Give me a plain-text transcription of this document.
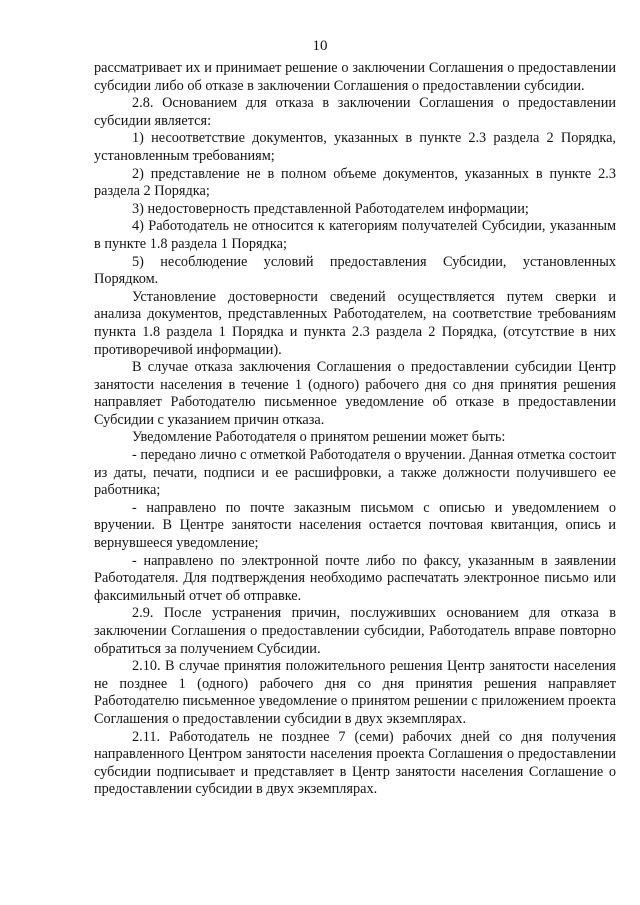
10

рассматривает их и принимает решение о заключении Соглашения о предоставлении субсидии либо об отказе в заключении Соглашения о предоставлении субсидии.

2.8. Основанием для отказа в заключении Соглашения о предоставлении субсидии является:

1) несоответствие документов, указанных в пункте 2.3 раздела 2 Порядка, установленным требованиям;

2) представление не в полном объеме документов, указанных в пункте 2.3 раздела 2 Порядка;

3) недостоверность представленной Работодателем информации;

4) Работодатель не относится к категориям получателей Субсидии, указанным в пункте 1.8 раздела 1 Порядка;

5) несоблюдение условий предоставления Субсидии, установленных Порядком.

Установление достоверности сведений осуществляется путем сверки и анализа документов, представленных Работодателем, на соответствие требованиям пункта 1.8 раздела 1 Порядка и пункта 2.3 раздела 2 Порядка, (отсутствие в них противоречивой информации).

В случае отказа заключения Соглашения о предоставлении субсидии Центр занятости населения в течение 1 (одного) рабочего дня со дня принятия решения направляет Работодателю письменное уведомление об отказе в предоставлении Субсидии с указанием причин отказа.

Уведомление Работодателя о принятом решении может быть:

- передано лично с отметкой Работодателя о вручении. Данная отметка состоит из даты, печати, подписи и ее расшифровки, а также должности получившего ее работника;

- направлено по почте заказным письмом с описью и уведомлением о вручении. В Центре занятости населения остается почтовая квитанция, опись и вернувшееся уведомление;

- направлено по электронной почте либо по факсу, указанным в заявлении Работодателя. Для подтверждения необходимо распечатать электронное письмо или факсимильный отчет об отправке.

2.9. После устранения причин, послуживших основанием для отказа в заключении Соглашения о предоставлении субсидии, Работодатель вправе повторно обратиться за получением Субсидии.

2.10. В случае принятия положительного решения Центр занятости населения не позднее 1 (одного) рабочего дня со дня принятия решения направляет Работодателю письменное уведомление о принятом решении с приложением проекта Соглашения о предоставлении субсидии в двух экземплярах.

2.11. Работодатель не позднее 7 (семи) рабочих дней со дня получения направленного Центром занятости населения проекта Соглашения о предоставлении субсидии подписывает и представляет в Центр занятости населения Соглашение о предоставлении субсидии в двух экземплярах.
